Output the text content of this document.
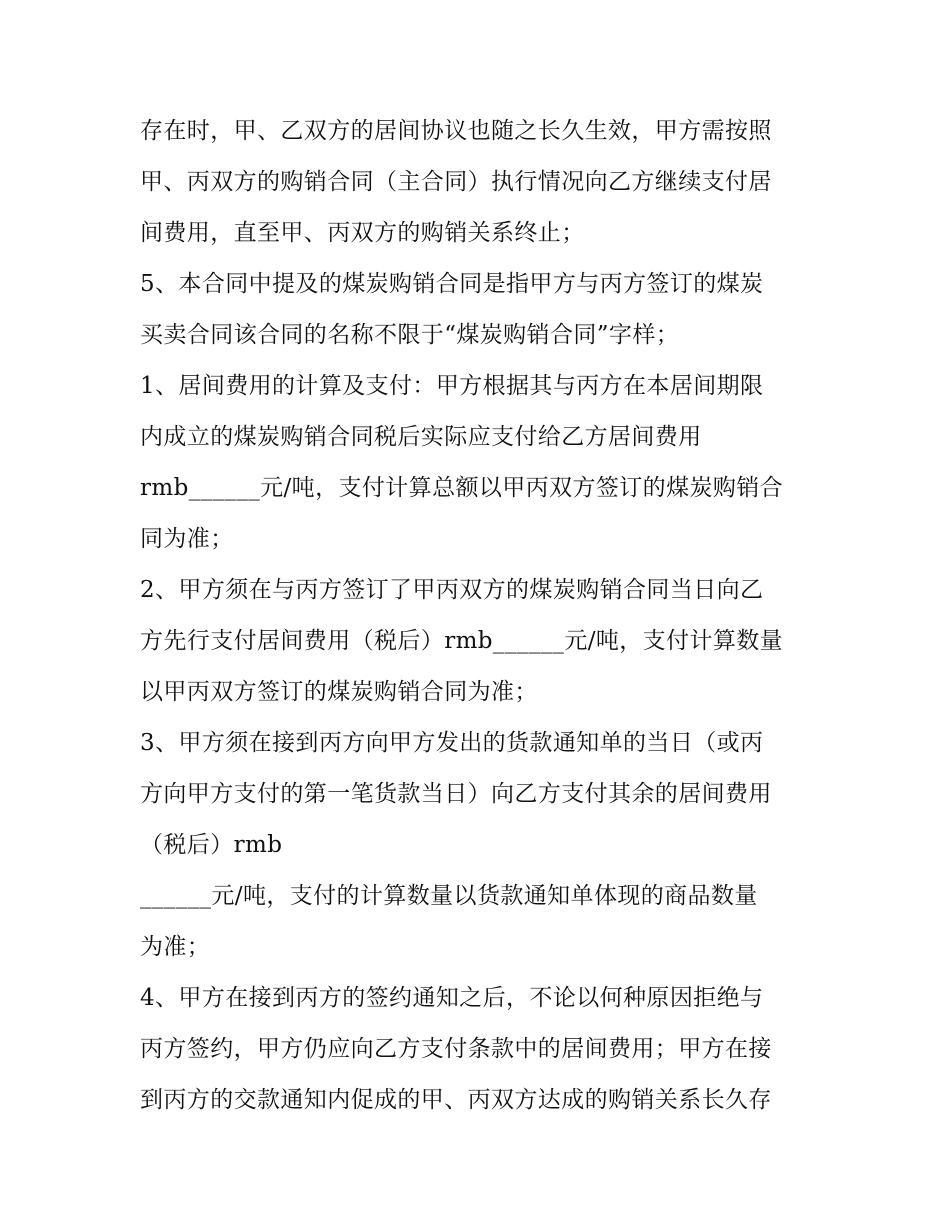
存在时，甲、乙双方的居间协议也随之长久生效，甲方需按照
甲、丙双方的购销合同（主合同）执行情况向乙方继续支付居
间费用，直至甲、丙双方的购销关系终止；
5、本合同中提及的煤炭购销合同是指甲方与丙方签订的煤炭
买卖合同该合同的名称不限于“煤炭购销合同”字样；
1、居间费用的计算及支付：甲方根据其与丙方在本居间期限
内成立的煤炭购销合同税后实际应支付给乙方居间费用
rmb______元/吨，支付计算总额以甲丙双方签订的煤炭购销合
同为准；
2、甲方须在与丙方签订了甲丙双方的煤炭购销合同当日向乙
方先行支付居间费用（税后）rmb______元/吨，支付计算数量
以甲丙双方签订的煤炭购销合同为准；
3、甲方须在接到丙方向甲方发出的货款通知单的当日（或丙
方向甲方支付的第一笔货款当日）向乙方支付其余的居间费用
（税后）rmb
______元/吨，支付的计算数量以货款通知单体现的商品数量
为准；
4、甲方在接到丙方的签约通知之后，不论以何种原因拒绝与
丙方签约，甲方仍应向乙方支付条款中的居间费用；甲方在接
到丙方的交款通知内促成的甲、丙双方达成的购销关系长久存
